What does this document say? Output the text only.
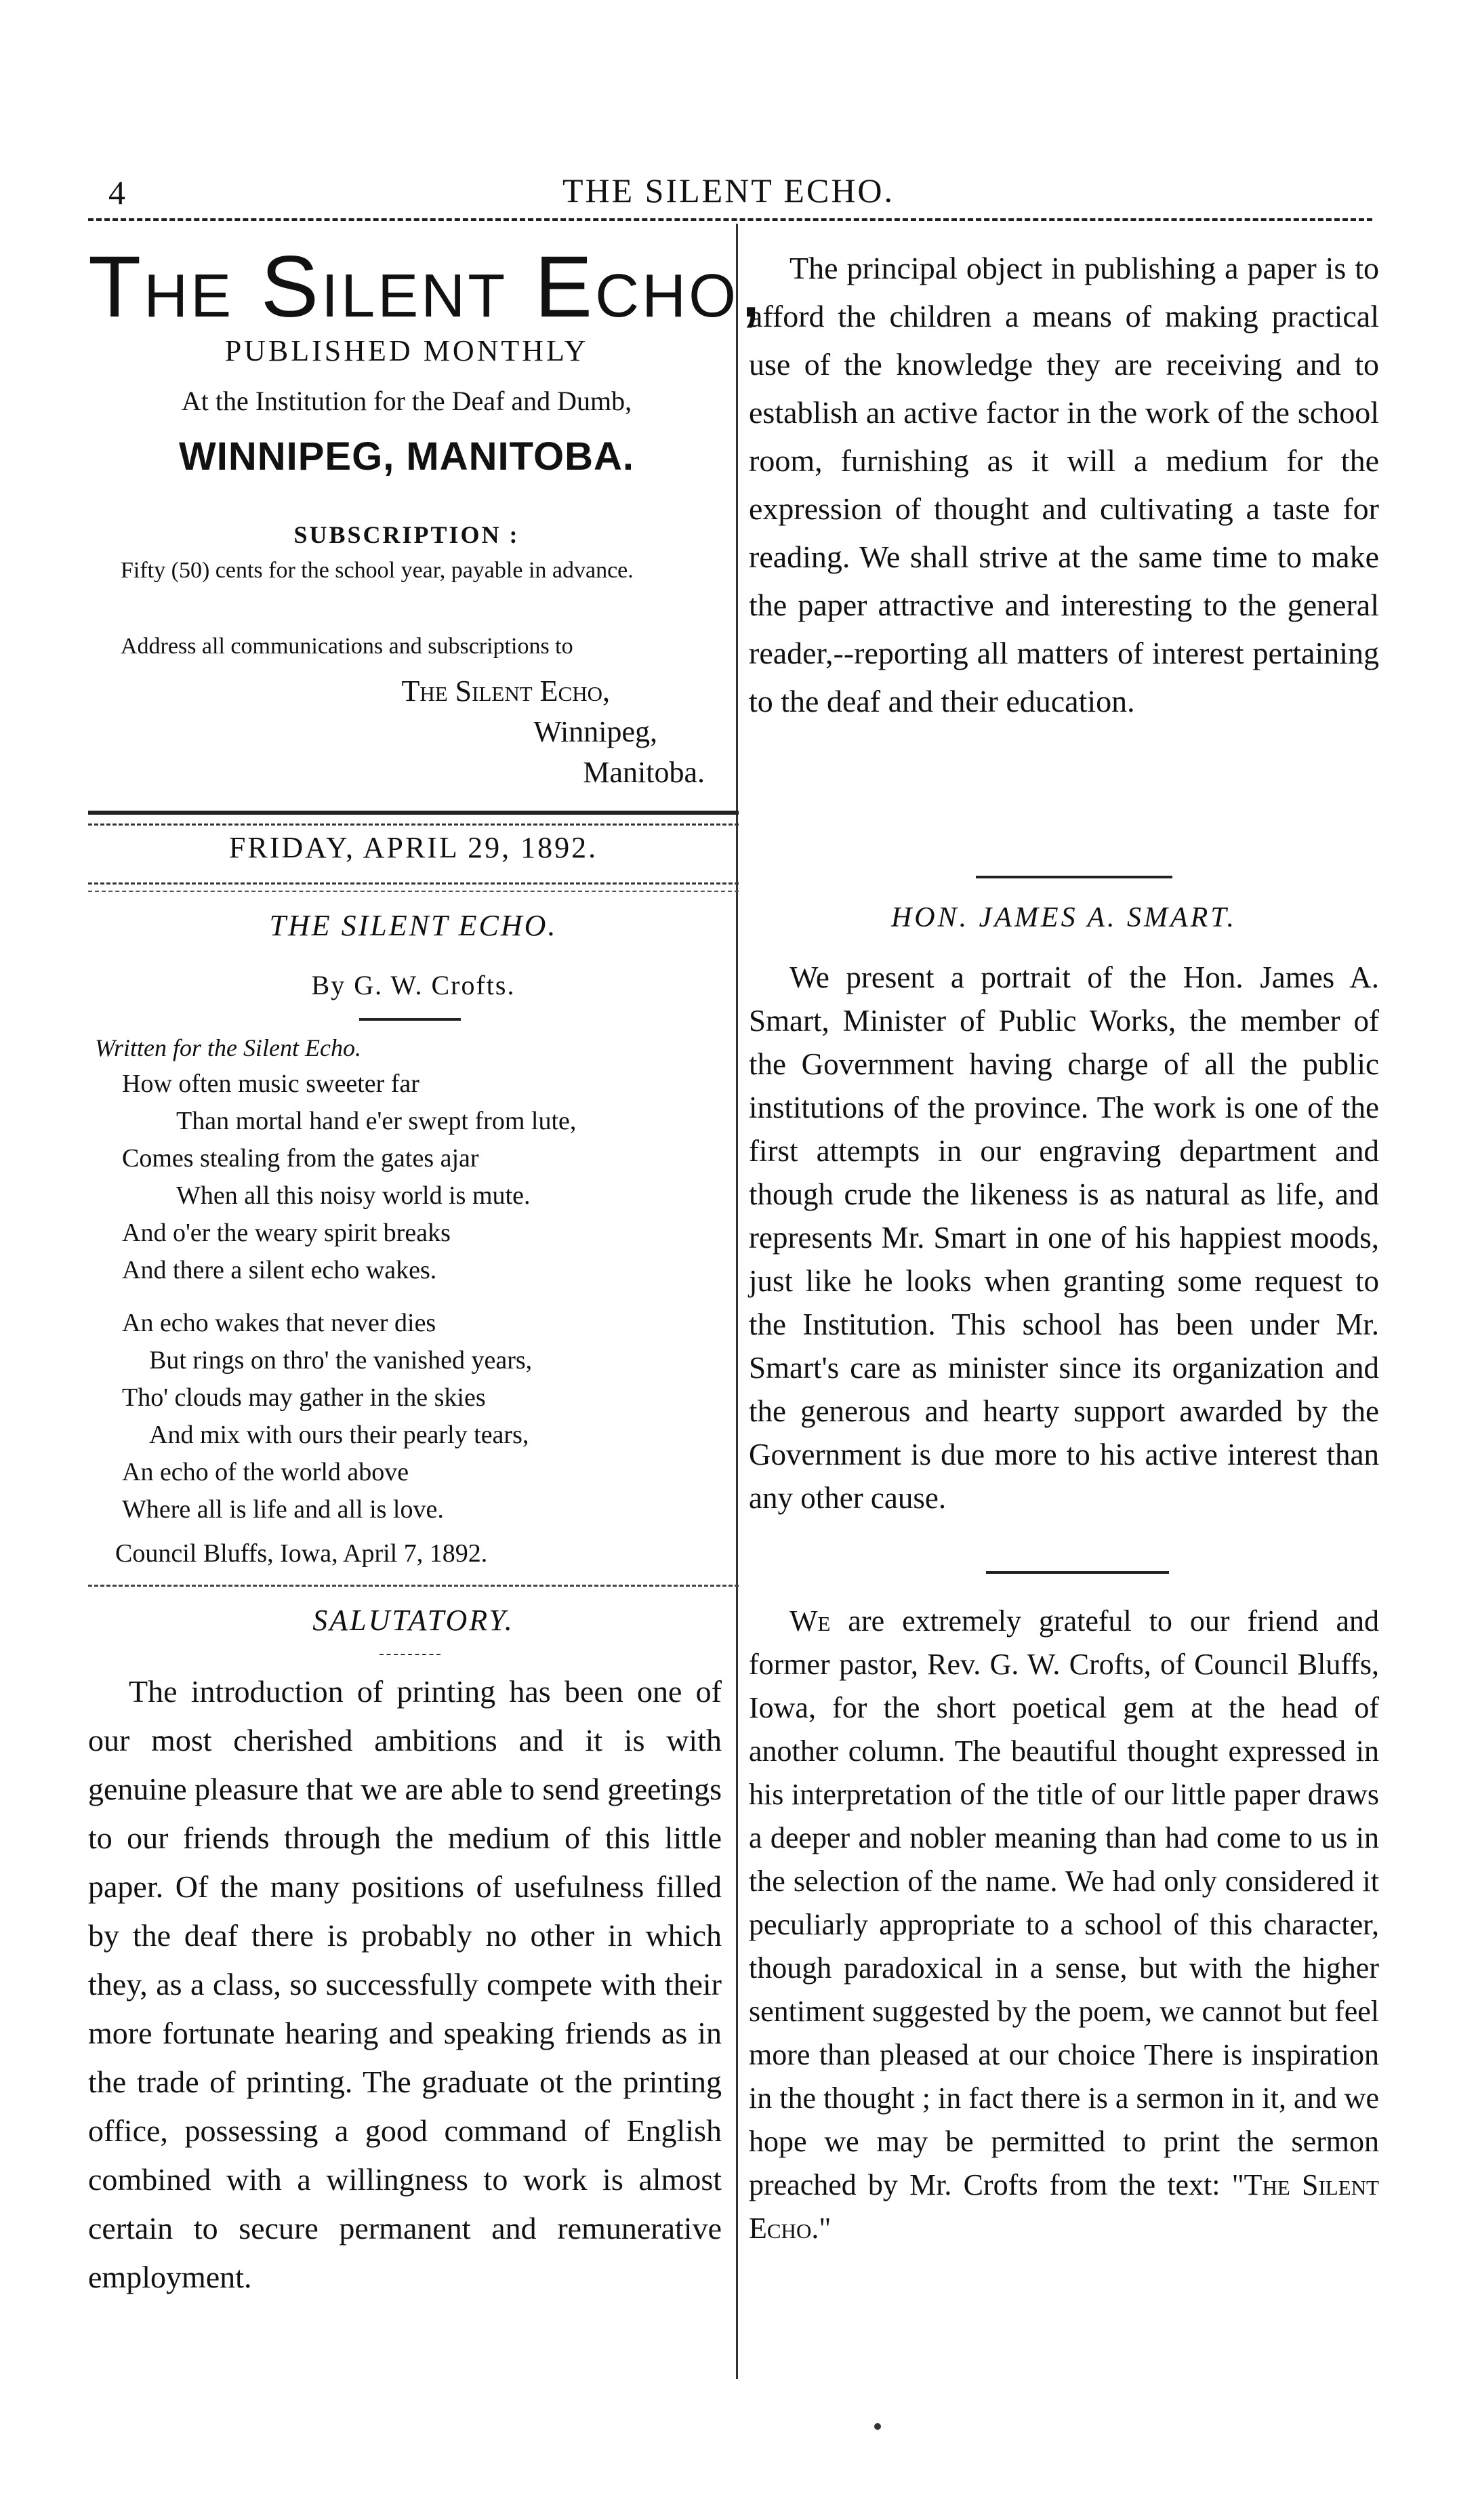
4	THE SILENT ECHO.
The Silent Echo,
PUBLISHED MONTHLY
At the Institution for the Deaf and Dumb,
WINNIPEG, MANITOBA.
SUBSCRIPTION :
Fifty (50) cents for the school year, payable in advance.
Address all communications and subscriptions to
The Silent Echo,
Winnipeg,
Manitoba.
FRIDAY, APRIL 29, 1892.
THE SILENT ECHO.
By G. W. Crofts.
Written for the Silent Echo.
How often music sweeter far
Than mortal hand e'er swept from lute,
Comes stealing from the gates ajar
When all this noisy world is mute.
And o'er the weary spirit breaks
And there a silent echo wakes.
An echo wakes that never dies
But rings on thro' the vanished years,
Tho' clouds may gather in the skies
And mix with ours their pearly tears,
An echo of the world above
Where all is life and all is love.
Council Bluffs, Iowa, April 7, 1892.
SALUTATORY.
The introduction of printing has been one of our most cherished ambitions and it is with genuine pleasure that we are able to send greetings to our friends through the medium of this little paper. Of the many positions of usefulness filled by the deaf there is probably no other in which they, as a class, so successfully compete with their more fortunate hearing and speaking friends as in the trade of printing. The graduate ot the printing office, possessing a good command of English combined with a willingness to work is almost certain to secure permanent and remunerative employment.
The principal object in publishing a paper is to afford the children a means of making practical use of the knowledge they are receiving and to establish an active factor in the work of the school room, furnishing as it will a medium for the expression of thought and cultivating a taste for reading. We shall strive at the same time to make the paper attractive and interesting to the general reader,--reporting all matters of interest pertaining to the deaf and their education.
HON. JAMES A. SMART.
We present a portrait of the Hon. James A. Smart, Minister of Public Works, the member of the Government having charge of all the public institutions of the province. The work is one of the first attempts in our engraving department and though crude the likeness is as natural as life, and represents Mr. Smart in one of his happiest moods, just like he looks when granting some request to the Institution. This school has been under Mr. Smart's care as minister since its organization and the generous and hearty support awarded by the Government is due more to his active interest than any other cause.
We are extremely grateful to our friend and former pastor, Rev. G. W. Crofts, of Council Bluffs, Iowa, for the short poetical gem at the head of another column. The beautiful thought expressed in his interpretation of the title of our little paper draws a deeper and nobler meaning than had come to us in the selection of the name. We had only considered it peculiarly appropriate to a school of this character, though paradoxical in a sense, but with the higher sentiment suggested by the poem, we cannot but feel more than pleased at our choice There is inspiration in the thought ; in fact there is a sermon in it, and we hope we may be permitted to print the sermon preached by Mr. Crofts from the text: "The Silent Echo."
